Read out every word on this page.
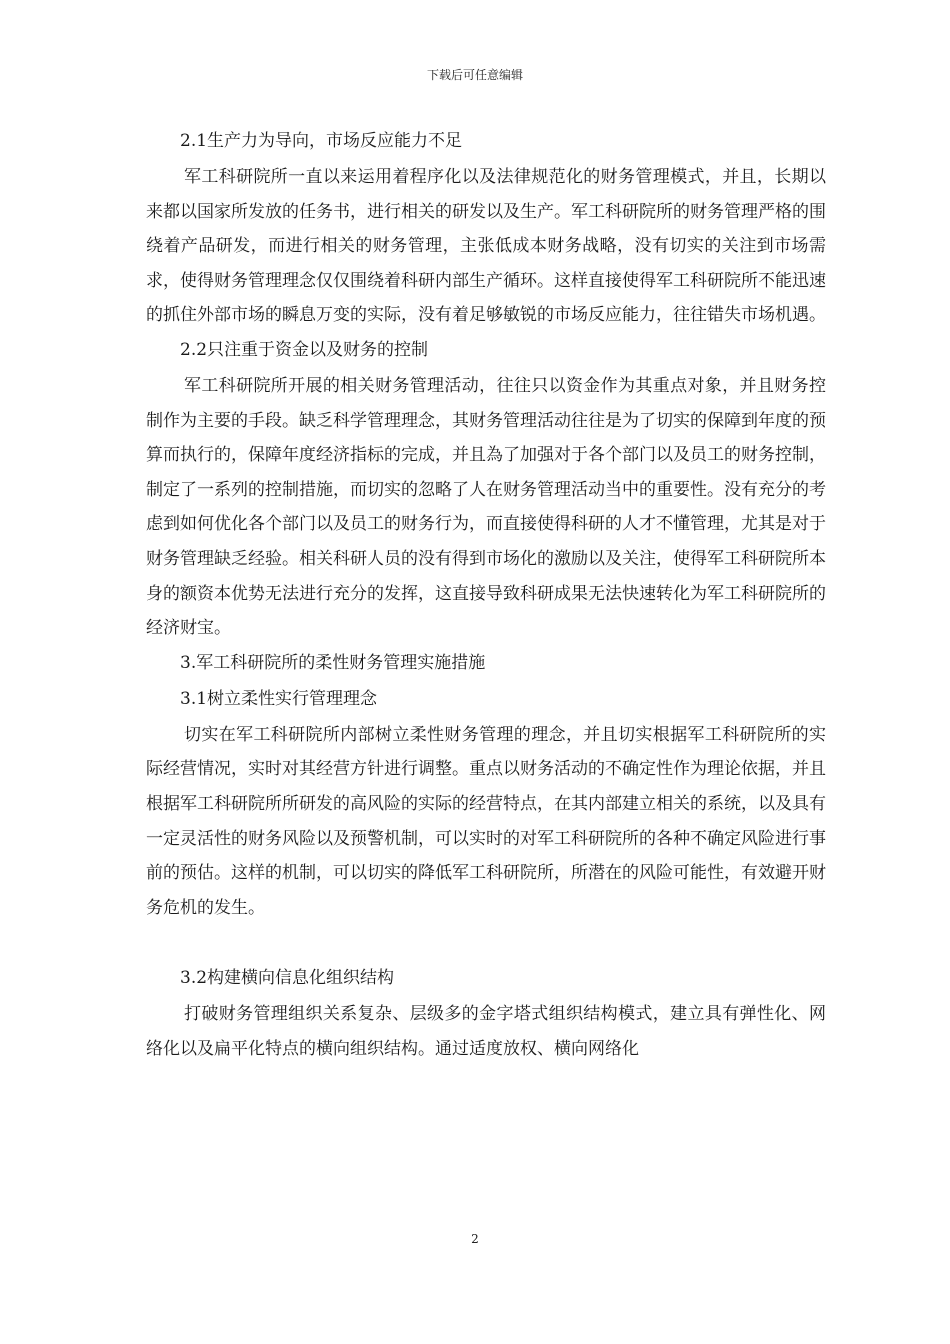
下载后可任意编辑
2.1生产力为导向，市场反应能力不足

军工科研院所一直以来运用着程序化以及法律规范化的财务管理模式，并且，长期以来都以国家所发放的任务书，进行相关的研发以及生产。军工科研院所的财务管理严格的围绕着产品研发，而进行相关的财务管理，主张低成本财务战略，没有切实的关注到市场需求，使得财务管理理念仅仅围绕着科研内部生产循环。这样直接使得军工科研院所不能迅速的抓住外部市场的瞬息万变的实际，没有着足够敏锐的市场反应能力，往往错失市场机遇。

2.2只注重于资金以及财务的控制

军工科研院所开展的相关财务管理活动，往往只以资金作为其重点对象，并且财务控制作为主要的手段。缺乏科学管理理念，其财务管理活动往往是为了切实的保障到年度的预算而执行的，保障年度经济指标的完成，并且為了加强对于各个部门以及员工的财务控制，制定了一系列的控制措施，而切实的忽略了人在财务管理活动当中的重要性。没有充分的考虑到如何优化各个部门以及员工的财务行为，而直接使得科研的人才不懂管理，尤其是对于财务管理缺乏经验。相关科研人员的没有得到市场化的激励以及关注，使得军工科研院所本身的额资本优势无法进行充分的发挥，这直接导致科研成果无法快速转化为军工科研院所的经济财宝。

3.军工科研院所的柔性财务管理实施措施
3.1树立柔性实行管理理念

切实在军工科研院所内部树立柔性财务管理的理念，并且切实根据军工科研院所的实际经营情况，实时对其经营方针进行调整。重点以财务活动的不确定性作为理论依据，并且根据军工科研院所所研发的高风险的实际的经营特点，在其内部建立相关的系统，以及具有一定灵活性的财务风险以及预警机制，可以实时的对军工科研院所的各种不确定风险进行事前的预估。这样的机制，可以切实的降低军工科研院所，所潜在的风险可能性，有效避开财务危机的发生。

3.2构建横向信息化组织结构

打破财务管理组织关系复杂、层级多的金字塔式组织结构模式，建立具有弹性化、网络化以及扁平化特点的横向组织结构。通过适度放权、横向网络化

2
